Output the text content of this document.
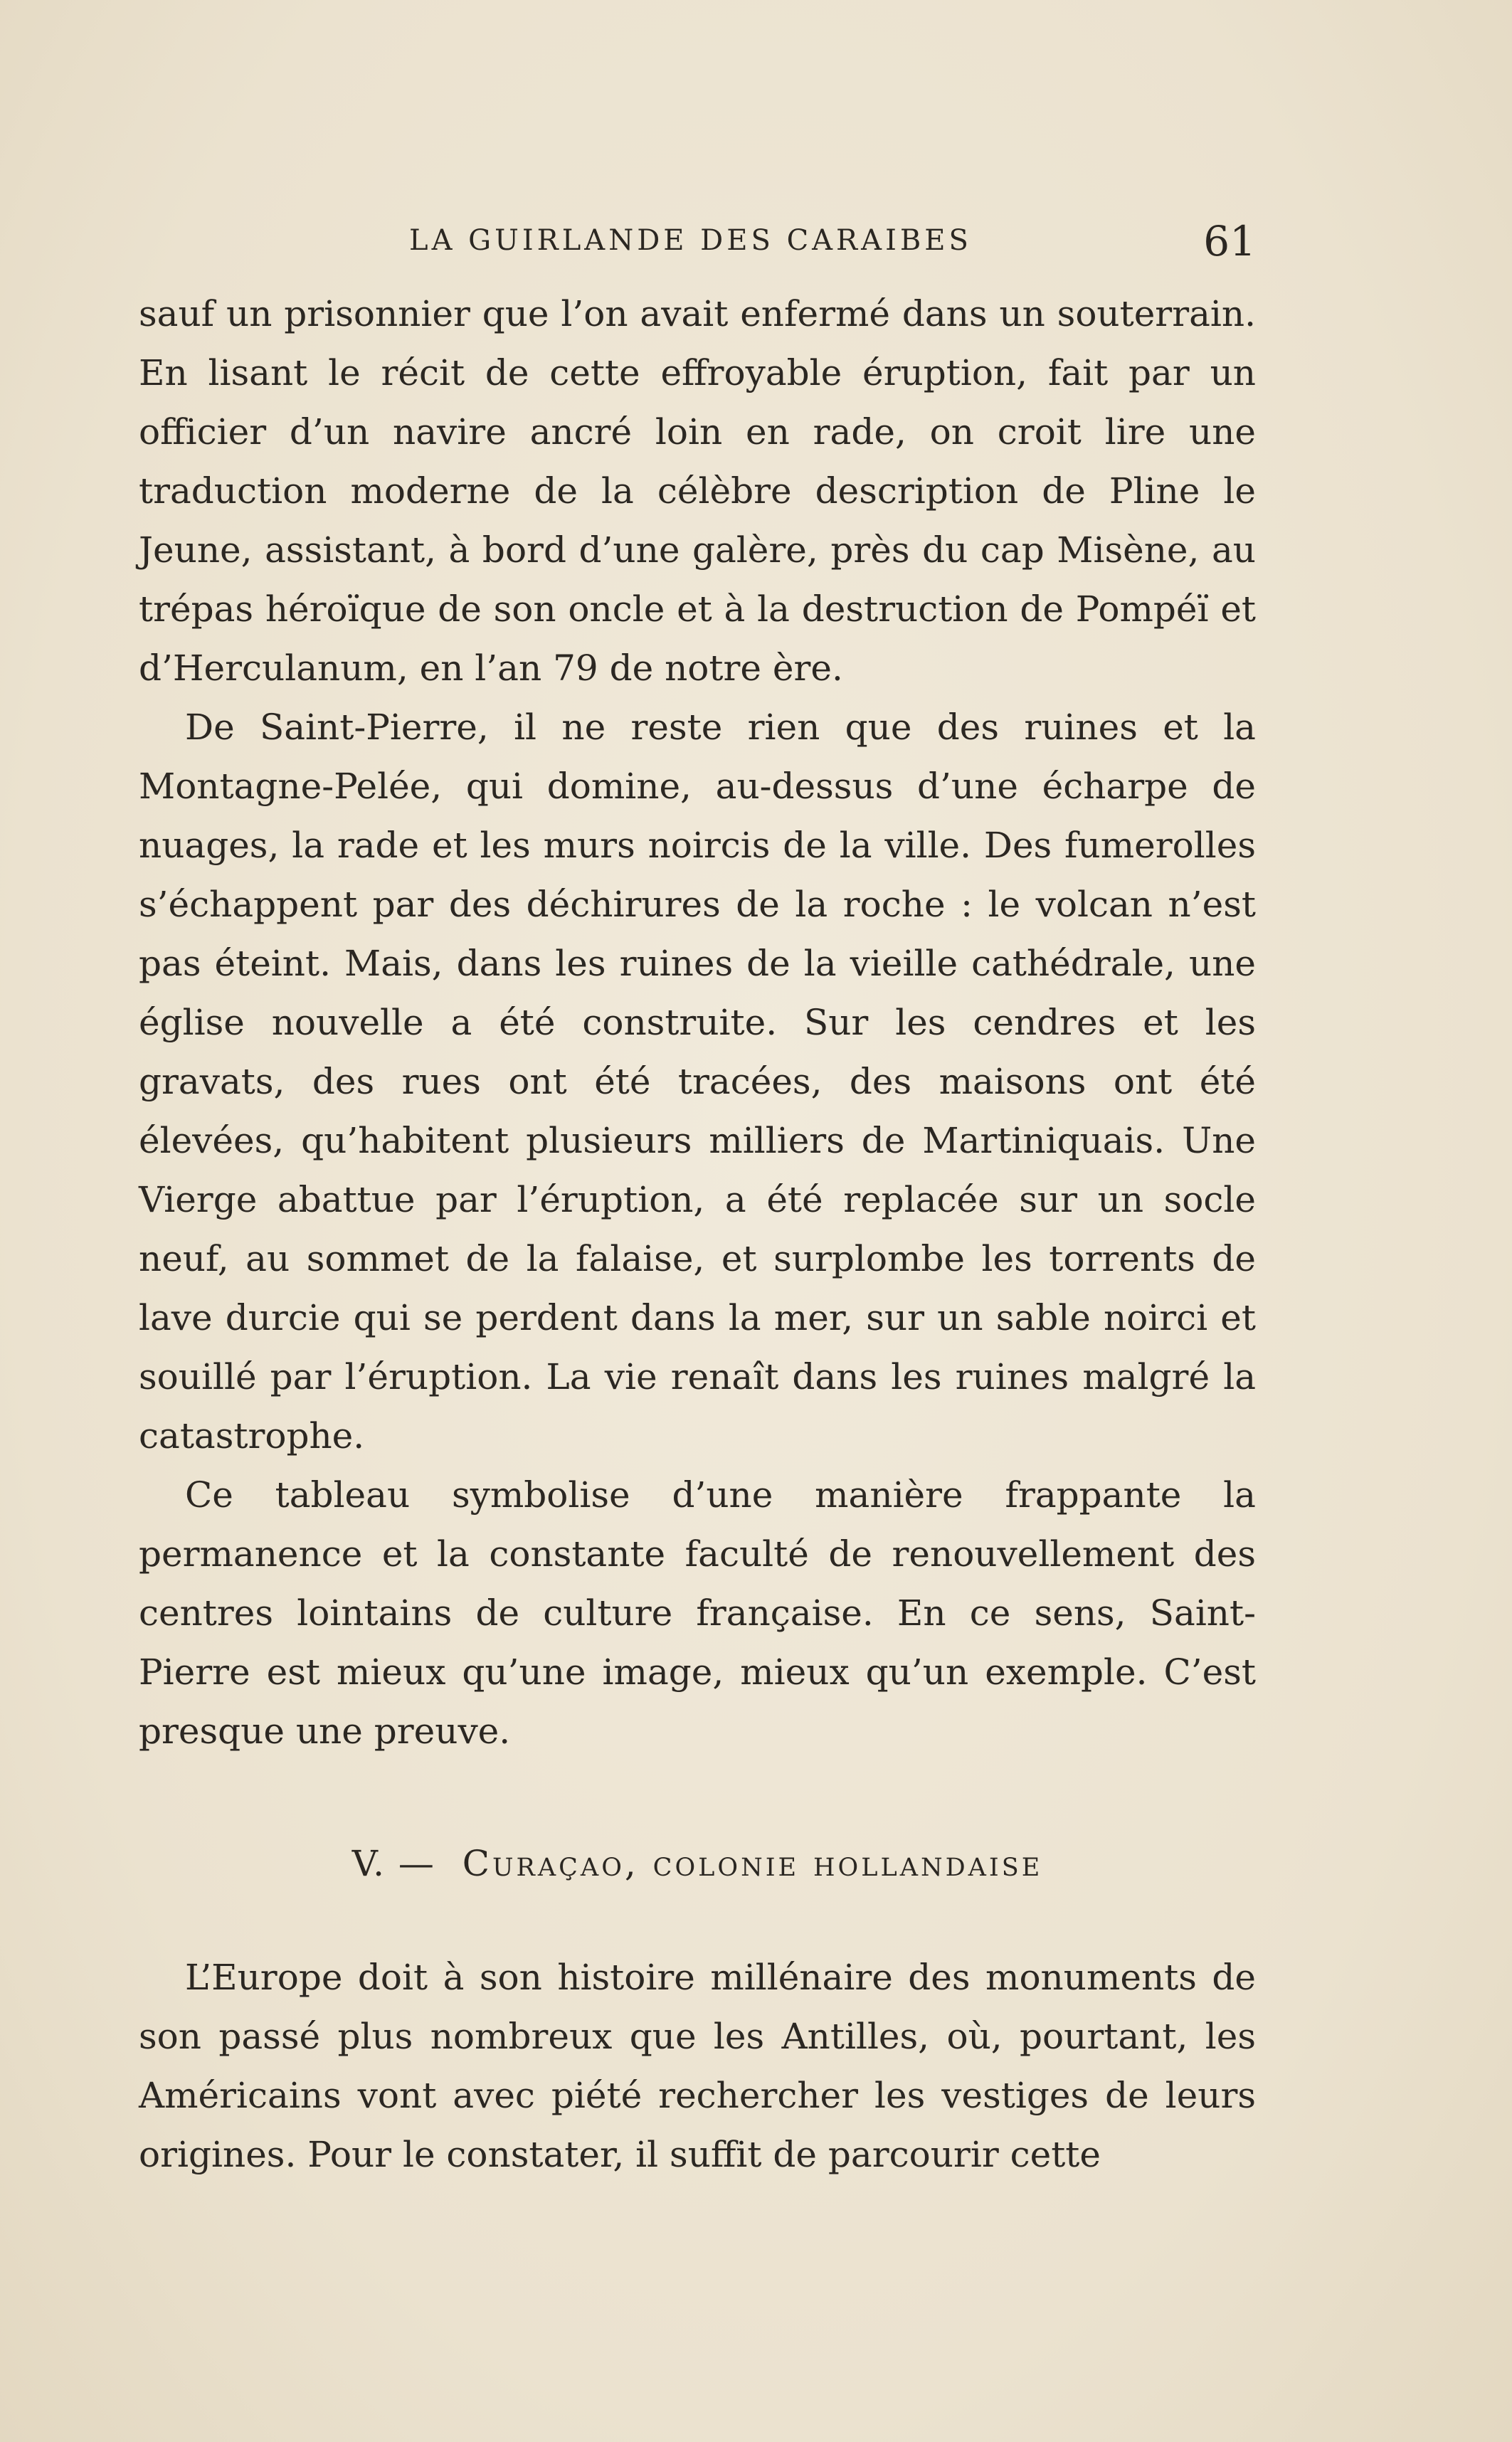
LA GUIRLANDE DES CARAIBES	61

sauf un prisonnier que l’on avait enfermé dans un souterrain. En lisant le récit de cette effroyable éruption, fait par un officier d’un navire ancré loin en rade, on croit lire une traduction moderne de la célèbre description de Pline le Jeune, assistant, à bord d’une galère, près du cap Misène, au trépas héroïque de son oncle et à la destruction de Pompéï et d’Herculanum, en l’an 79 de notre ère.

De Saint-Pierre, il ne reste rien que des ruines et la Montagne-Pelée, qui domine, au-dessus d’une écharpe de nuages, la rade et les murs noircis de la ville. Des fumerolles s’échappent par des déchirures de la roche : le volcan n’est pas éteint. Mais, dans les ruines de la vieille cathédrale, une église nouvelle a été construite. Sur les cendres et les gravats, des rues ont été tracées, des maisons ont été élevées, qu’habitent plusieurs milliers de Martiniquais. Une Vierge abattue par l’éruption, a été replacée sur un socle neuf, au sommet de la falaise, et surplombe les torrents de lave durcie qui se perdent dans la mer, sur un sable noirci et souillé par l’éruption. La vie renaît dans les ruines malgré la catastrophe.

Ce tableau symbolise d’une manière frappante la permanence et la constante faculté de renouvellement des centres lointains de culture française. En ce sens, Saint-Pierre est mieux qu’une image, mieux qu’un exemple. C’est presque une preuve.

V. — Curaçao, colonie hollandaise

L’Europe doit à son histoire millénaire des monuments de son passé plus nombreux que les Antilles, où, pourtant, les Américains vont avec piété rechercher les vestiges de leurs origines. Pour le constater, il suffit de parcourir cette
